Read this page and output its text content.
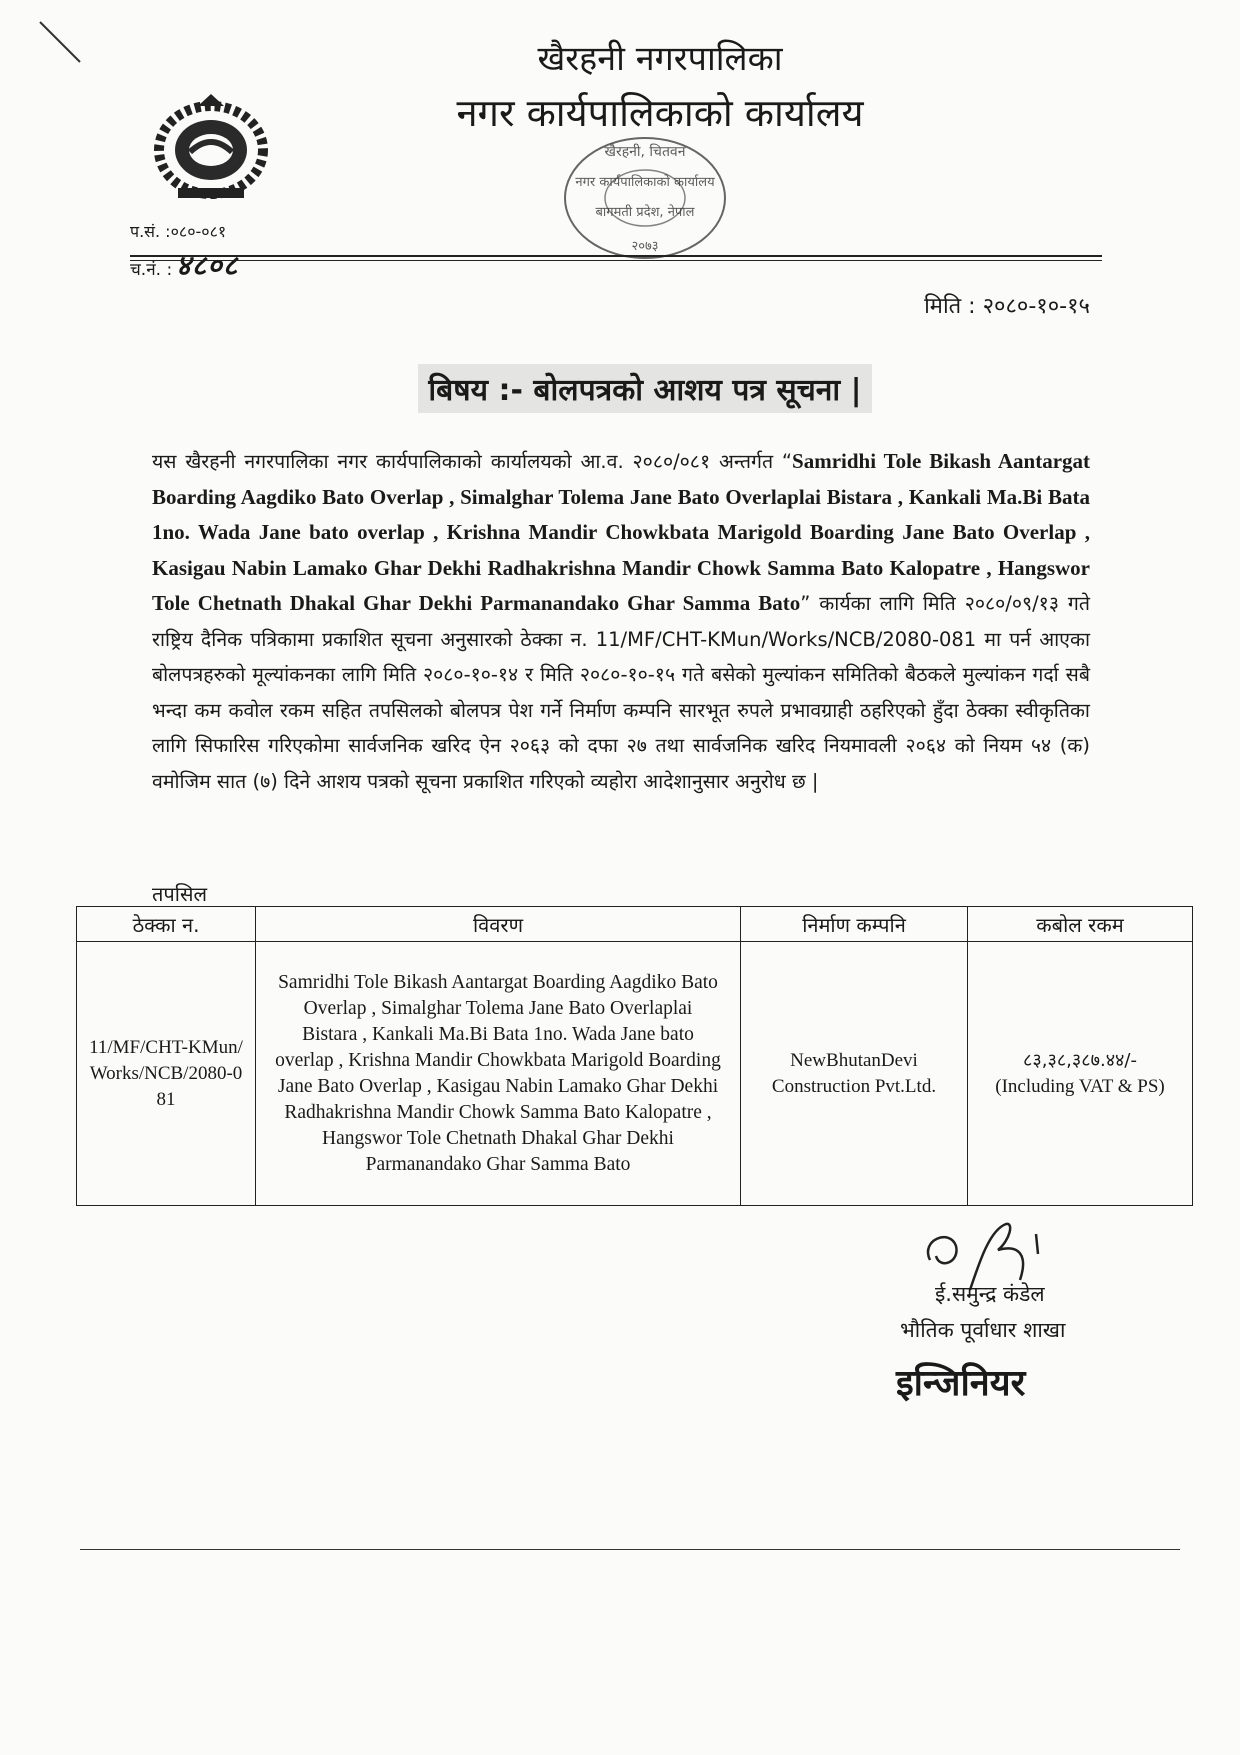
प.सं. :०८०-०८१
च.नं. : ४८०८
खैरहनी नगरपालिका
नगर कार्यपालिकाको कार्यालय
खैरहनी, चितवन
नगर कार्यपालिकाको कार्यालय
बागमती प्रदेश, नेपाल
२०७३
मिति : २०८०-१०-१५
बिषय :- बोलपत्रको आशय पत्र सूचना |
यस खैरहनी नगरपालिका नगर कार्यपालिकाको कार्यालयको आ.व. २०८०/०८१ अन्तर्गत “Samridhi Tole Bikash Aantargat Boarding Aagdiko Bato Overlap , Simalghar Tolema Jane Bato Overlaplai Bistara , Kankali Ma.Bi Bata 1no. Wada Jane bato overlap , Krishna Mandir Chowkbata Marigold Boarding Jane Bato Overlap , Kasigau Nabin Lamako Ghar Dekhi Radhakrishna Mandir Chowk Samma Bato Kalopatre , Hangswor Tole Chetnath Dhakal Ghar Dekhi Parmanandako Ghar Samma Bato” कार्यका लागि मिति २०८०/०९/१३ गते राष्ट्रिय दैनिक पत्रिकामा प्रकाशित सूचना अनुसारको ठेक्का न. 11/MF/CHT-KMun/Works/NCB/2080-081 मा पर्न आएका बोलपत्रहरुको मूल्यांकनका लागि मिति २०८०-१०-१४ र मिति २०८०-१०-१५ गते बसेको मुल्यांकन समितिको बैठकले मुल्यांकन गर्दा सबै भन्दा कम कवोल रकम सहित तपसिलको बोलपत्र पेश गर्ने निर्माण कम्पनि सारभूत रुपले प्रभावग्राही ठहरिएको हुँदा ठेक्का स्वीकृतिका लागि सिफारिस गरिएकोमा सार्वजनिक खरिद ऐन २०६३ को दफा २७ तथा सार्वजनिक खरिद नियमावली २०६४ को नियम ५४ (क) वमोजिम सात (७) दिने आशय पत्रको सूचना प्रकाशित गरिएको व्यहोरा आदेशानुसार अनुरोध छ |
तपसिल
ठेक्का न.	विवरण	निर्माण कम्पनि	कबोल रकम
11/MF/CHT-KMun/Works/NCB/2080-081	Samridhi Tole Bikash Aantargat Boarding Aagdiko Bato Overlap , Simalghar Tolema Jane Bato Overlaplai Bistara , Kankali Ma.Bi Bata 1no. Wada Jane bato overlap , Krishna Mandir Chowkbata Marigold Boarding Jane Bato Overlap , Kasigau Nabin Lamako Ghar Dekhi Radhakrishna Mandir Chowk Samma Bato Kalopatre , Hangswor Tole Chetnath Dhakal Ghar Dekhi Parmanandako Ghar Samma Bato	NewBhutanDevi Construction Pvt.Ltd.	८३,३८,३८७.४४/-
(Including VAT & PS)
ई.समुन्द्र कंडेल
भौतिक पूर्वाधार शाखा
इन्जिनियर
